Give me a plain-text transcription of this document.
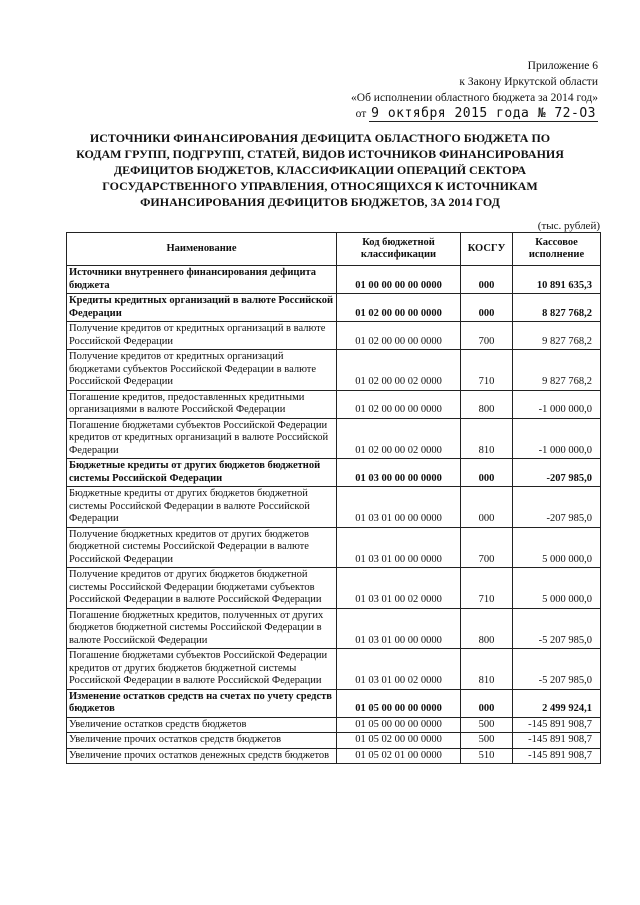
Приложение 6
к Закону Иркутской области
«Об исполнении областного бюджета за 2014 год»
от 9 октября 2015 года № 72-ОЗ
ИСТОЧНИКИ ФИНАНСИРОВАНИЯ ДЕФИЦИТА ОБЛАСТНОГО БЮДЖЕТА ПО КОДАМ ГРУПП, ПОДГРУПП, СТАТЕЙ, ВИДОВ ИСТОЧНИКОВ ФИНАНСИРОВАНИЯ ДЕФИЦИТОВ БЮДЖЕТОВ, КЛАССИФИКАЦИИ ОПЕРАЦИЙ СЕКТОРА ГОСУДАРСТВЕННОГО УПРАВЛЕНИЯ, ОТНОСЯЩИХСЯ К ИСТОЧНИКАМ ФИНАНСИРОВАНИЯ ДЕФИЦИТОВ БЮДЖЕТОВ, ЗА 2014 ГОД
(тыс. рублей)
Наименование	Код бюджетной классификации	КОСГУ	Кассовое исполнение
Источники внутреннего финансирования дефицита бюджета	01 00 00 00 00 0000	000	10 891 635,3
Кредиты кредитных организаций в валюте Российской Федерации	01 02 00 00 00 0000	000	8 827 768,2
Получение кредитов от кредитных организаций в валюте Российской Федерации	01 02 00 00 00 0000	700	9 827 768,2
Получение кредитов от кредитных организаций бюджетами субъектов Российской Федерации в валюте Российской Федерации	01 02 00 00 02 0000	710	9 827 768,2
Погашение кредитов, предоставленных кредитными организациями в валюте Российской Федерации	01 02 00 00 00 0000	800	-1 000 000,0
Погашение бюджетами субъектов Российской Федерации кредитов от кредитных организаций в валюте Российской Федерации	01 02 00 00 02 0000	810	-1 000 000,0
Бюджетные кредиты от других бюджетов бюджетной системы Российской Федерации	01 03 00 00 00 0000	000	-207 985,0
Бюджетные кредиты от других бюджетов бюджетной системы Российской Федерации в валюте Российской Федерации	01 03 01 00 00 0000	000	-207 985,0
Получение бюджетных кредитов от других бюджетов бюджетной системы Российской Федерации в валюте Российской Федерации	01 03 01 00 00 0000	700	5 000 000,0
Получение кредитов от других бюджетов бюджетной системы Российской Федерации бюджетами субъектов Российской Федерации в валюте Российской Федерации	01 03 01 00 02 0000	710	5 000 000,0
Погашение бюджетных кредитов, полученных от других бюджетов бюджетной системы Российской Федерации в валюте Российской Федерации	01 03 01 00 00 0000	800	-5 207 985,0
Погашение бюджетами субъектов Российской Федерации кредитов от других бюджетов бюджетной системы Российской Федерации в валюте Российской Федерации	01 03 01 00 02 0000	810	-5 207 985,0
Изменение остатков средств на счетах по учету средств бюджетов	01 05 00 00 00 0000	000	2 499 924,1
Увеличение остатков средств бюджетов	01 05 00 00 00 0000	500	-145 891 908,7
Увеличение прочих остатков средств бюджетов	01 05 02 00 00 0000	500	-145 891 908,7
Увеличение прочих остатков денежных средств бюджетов	01 05 02 01 00 0000	510	-145 891 908,7
